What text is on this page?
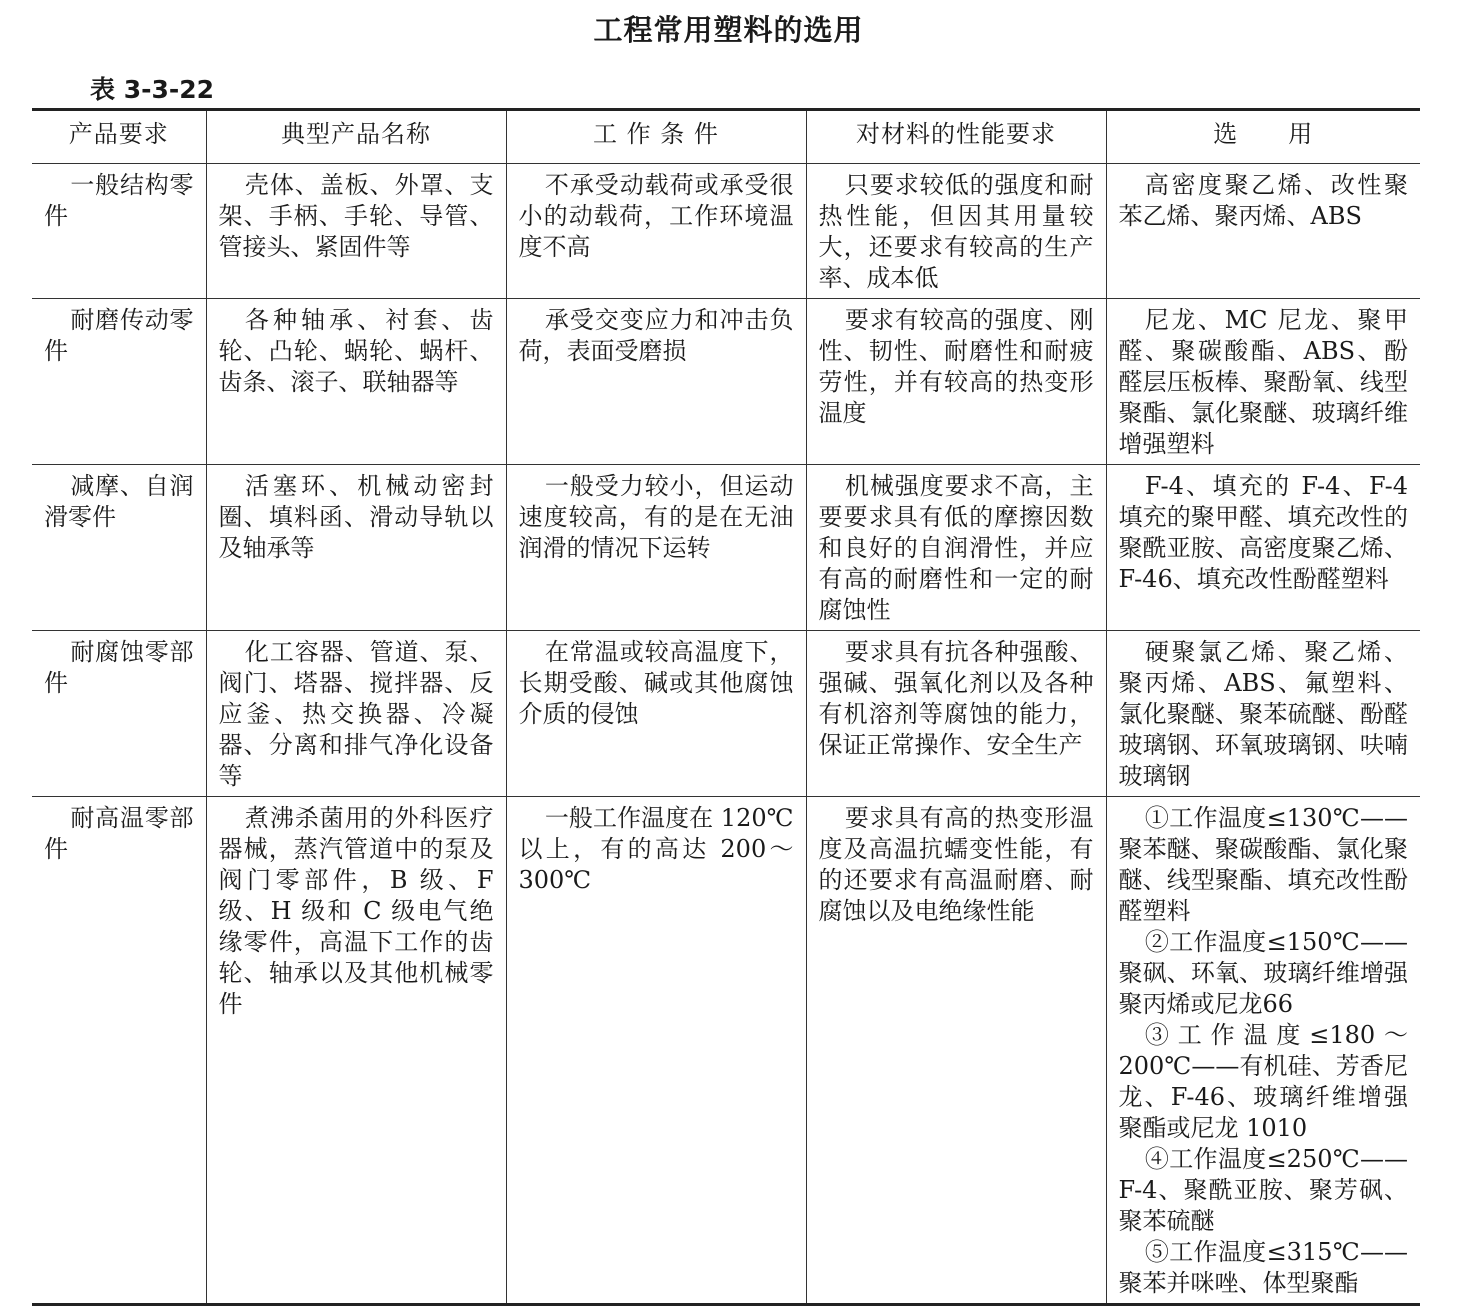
工程常用塑料的选用
表 3-3-22
产品要求	典型产品名称	工 作 条 件	对材料的性能要求	选　　用
一般结构零件	壳体、盖板、外罩、支架、手柄、手轮、导管、管接头、紧固件等	不承受动载荷或承受很小的动载荷，工作环境温度不高	只要求较低的强度和耐热性能，但因其用量较大，还要求有较高的生产率、成本低	高密度聚乙烯、改性聚苯乙烯、聚丙烯、ABS
耐磨传动零件	各种轴承、衬套、齿轮、凸轮、蜗轮、蜗杆、齿条、滚子、联轴器等	承受交变应力和冲击负荷，表面受磨损	要求有较高的强度、刚性、韧性、耐磨性和耐疲劳性，并有较高的热变形温度	尼龙、MC 尼龙、聚甲醛、聚碳酸酯、ABS、酚醛层压板棒、聚酚氧、线型聚酯、氯化聚醚、玻璃纤维增强塑料
减摩、自润滑零件	活塞环、机械动密封圈、填料函、滑动导轨以及轴承等	一般受力较小，但运动速度较高，有的是在无油润滑的情况下运转	机械强度要求不高，主要要求具有低的摩擦因数和良好的自润滑性，并应有高的耐磨性和一定的耐腐蚀性	F-4、填充的 F-4、F-4 填充的聚甲醛、填充改性的聚酰亚胺、高密度聚乙烯、F-46、填充改性酚醛塑料
耐腐蚀零部件	化工容器、管道、泵、阀门、塔器、搅拌器、反应釜、热交换器、冷凝器、分离和排气净化设备等	在常温或较高温度下，长期受酸、碱或其他腐蚀介质的侵蚀	要求具有抗各种强酸、强碱、强氧化剂以及各种有机溶剂等腐蚀的能力，保证正常操作、安全生产	硬聚氯乙烯、聚乙烯、聚丙烯、ABS、氟塑料、氯化聚醚、聚苯硫醚、酚醛玻璃钢、环氧玻璃钢、呋喃玻璃钢
耐高温零部件	煮沸杀菌用的外科医疗器械，蒸汽管道中的泵及阀门零部件，B 级、F 级、H 级和 C 级电气绝缘零件，高温下工作的齿轮、轴承以及其他机械零件	一般工作温度在 120℃ 以上，有的高达 200～300℃	要求具有高的热变形温度及高温抗蠕变性能，有的还要求有高温耐磨、耐腐蚀以及电绝缘性能	①工作温度≤130℃——聚苯醚、聚碳酸酯、氯化聚醚、线型聚酯、填充改性酚醛塑料
②工作温度≤150℃——聚砜、环氧、玻璃纤维增强聚丙烯或尼龙66
③工作温度≤180～200℃——有机硅、芳香尼龙、F-46、玻璃纤维增强聚酯或尼龙 1010
④工作温度≤250℃——F-4、聚酰亚胺、聚芳砜、聚苯硫醚
⑤工作温度≤315℃——聚苯并咪唑、体型聚酯
